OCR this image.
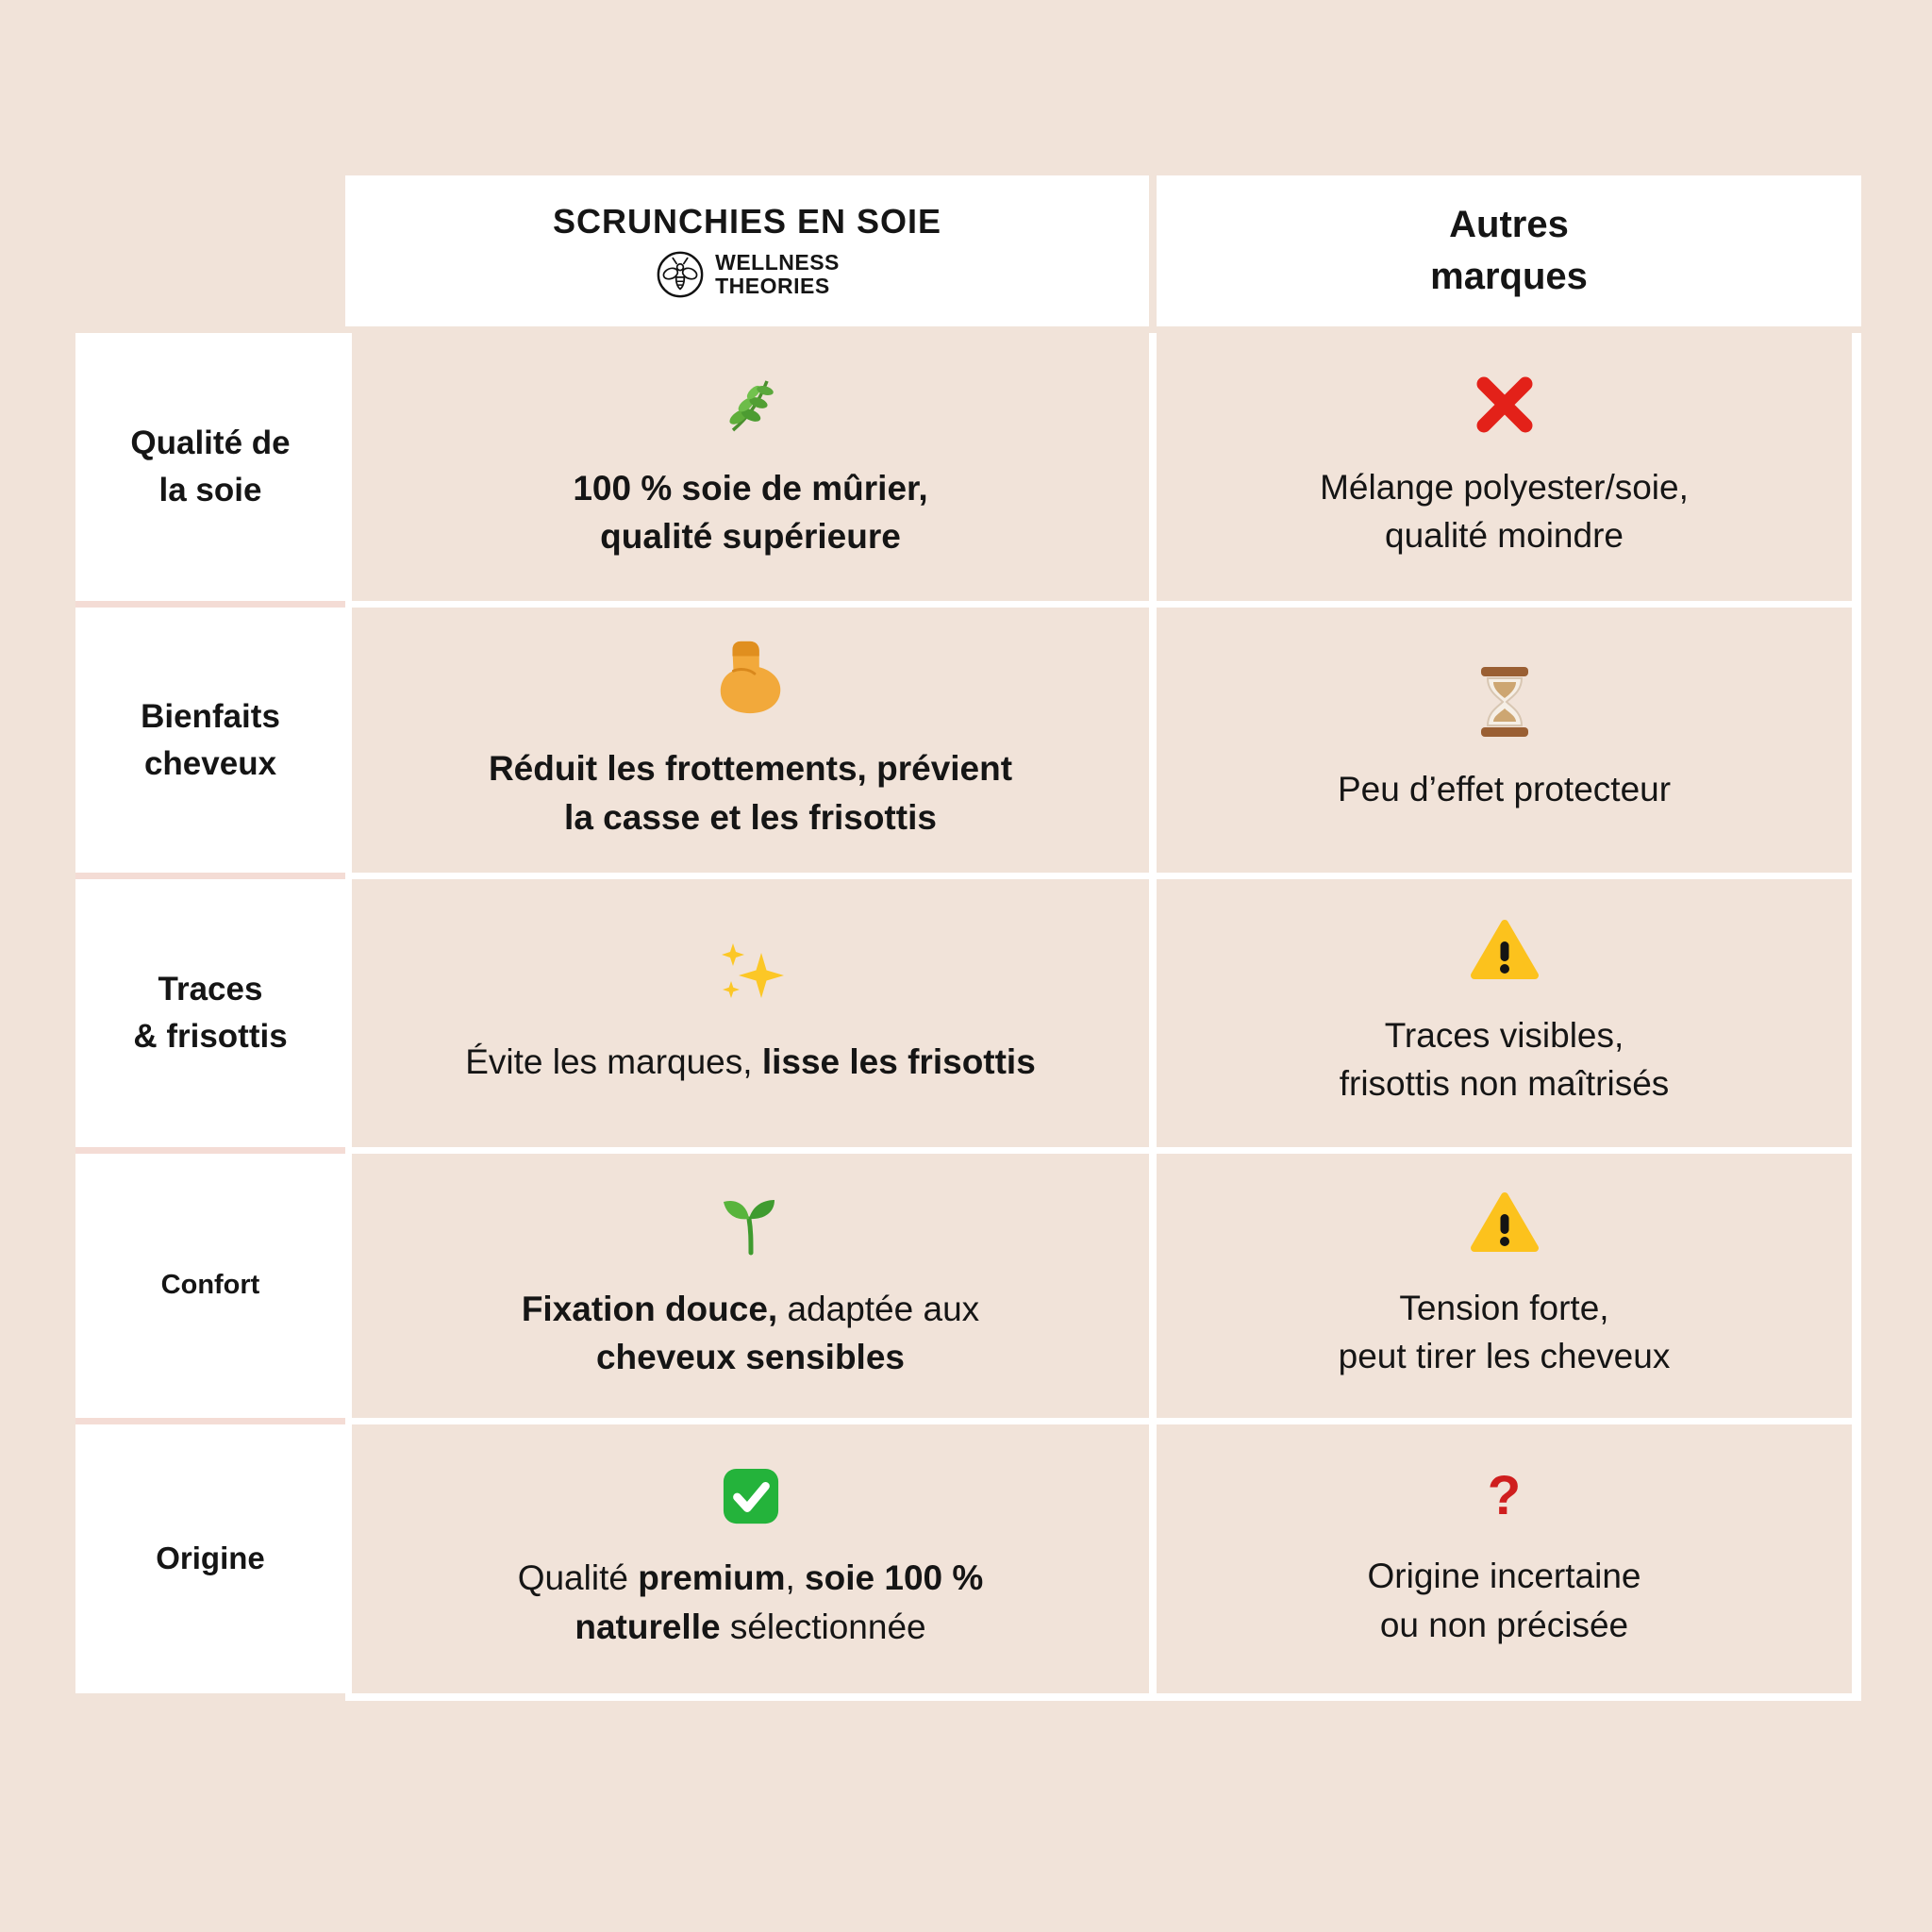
SCRUNCHIES EN SOIE
WELLNESS
THEORIES
Autres
marques
Qualité de
la soie	100 % soie de mûrier,
qualité supérieure
Mélange polyester/soie,
qualité moindre
Bienfaits
cheveux	Réduit les frottements, prévient
la casse et les frisottis
Peu d’effet protecteur
Traces
& frisottis
Évite les marques, lisse les frisottis
Traces visibles,
frisottis non maîtrisés
Confort
Fixation douce, adaptée aux
cheveux sensibles
Tension forte,
peut tirer les cheveux
Origine
Qualité premium, soie 100 %
naturelle sélectionnée
?
Origine incertaine
ou non précisée
